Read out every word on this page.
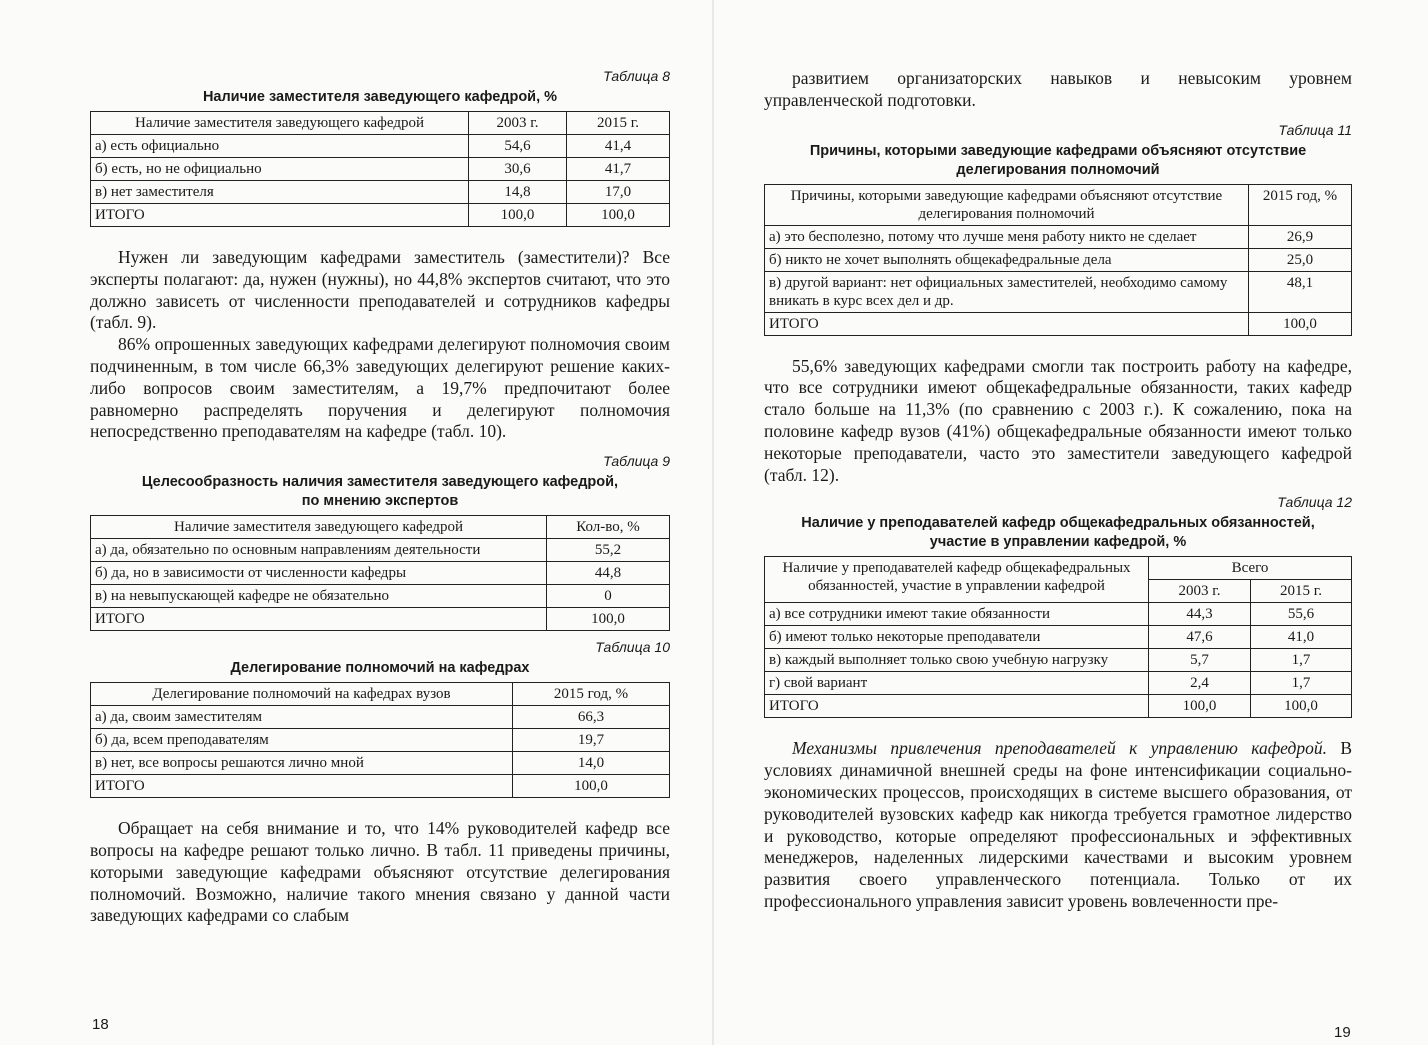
Таблица 8
Наличие заместителя заведующего кафедрой, %
Наличие заместителя заведующего кафедрой	2003 г.	2015 г.
а) есть официально	54,6	41,4
б) есть, но не официально	30,6	41,7
в) нет заместителя	14,8	17,0
ИТОГО	100,0	100,0

Нужен ли заведующим кафедрами заместитель (заместители)? Все эксперты полагают: да, нужен (нужны), но 44,8% экспертов считают, что это должно зависеть от численности преподавателей и сотрудников кафедры (табл. 9).

86% опрошенных заведующих кафедрами делегируют полномочия своим подчиненным, в том числе 66,3% заведующих делегируют решение каких-либо вопросов своим заместителям, а 19,7% предпочитают более равномерно распределять поручения и делегируют полномочия непосредственно преподавателям на кафедре (табл. 10).

Таблица 9
Целесообразность наличия заместителя заведующего кафедрой,
по мнению экспертов
Наличие заместителя заведующего кафедрой	Кол-во, %
а) да, обязательно по основным направлениям деятельности	55,2
б) да, но в зависимости от численности кафедры	44,8
в) на невыпускающей кафедре не обязательно	0
ИТОГО	100,0
Таблица 10
Делегирование полномочий на кафедрах
Делегирование полномочий на кафедрах вузов	2015 год, %
а) да, своим заместителям	66,3
б) да, всем преподавателям	19,7
в) нет, все вопросы решаются лично мной	14,0
ИТОГО	100,0

Обращает на себя внимание и то, что 14% руководителей кафедр все вопросы на кафедре решают только лично. В табл. 11 приведены причины, которыми заведующие кафедрами объясняют отсутствие делегирования полномочий. Возможно, наличие такого мнения связано у данной части заведующих кафедрами со слабым

18

развитием организаторских навыков и невысоким уровнем управленческой подготовки.

Таблица 11
Причины, которыми заведующие кафедрами объясняют отсутствие
делегирования полномочий
Причины, которыми заведующие кафедрами объясняют отсутствие делегирования полномочий	2015 год, %
а) это бесполезно, потому что лучше меня работу никто не сделает	26,9
б) никто не хочет выполнять общекафедральные дела	25,0
в) другой вариант: нет официальных заместителей, необходимо самому вникать в курс всех дел и др.	48,1
ИТОГО	100,0

55,6% заведующих кафедрами смогли так построить работу на кафедре, что все сотрудники имеют общекафедральные обязанности, таких кафедр стало больше на 11,3% (по сравнению с 2003 г.). К сожалению, пока на половине кафедр вузов (41%) общекафедральные обязанности имеют только некоторые преподаватели, часто это заместители заведующего кафедрой (табл. 12).

Таблица 12
Наличие у преподавателей кафедр общекафедральных обязанностей,
участие в управлении кафедрой, %
Наличие у преподавателей кафедр общекафедральных обязанностей, участие в управлении кафедрой	Всего	
	2003 г.	2015 г.
а) все сотрудники имеют такие обязанности	44,3	55,6
б) имеют только некоторые преподаватели	47,6	41,0
в) каждый выполняет только свою учебную нагрузку	5,7	1,7
г) свой вариант	2,4	1,7
ИТОГО	100,0	100,0

Механизмы привлечения преподавателей к управлению кафедрой. В условиях динамичной внешней среды на фоне интенсификации социально-экономических процессов, происходящих в системе высшего образования, от руководителей вузовских кафедр как никогда требуется грамотное лидерство и руководство, которые определяют профессиональных и эффективных менеджеров, наделенных лидерскими качествами и высоким уровнем развития своего управленческого потенциала. Только от их профессионального управления зависит уровень вовлеченности пре-

19
